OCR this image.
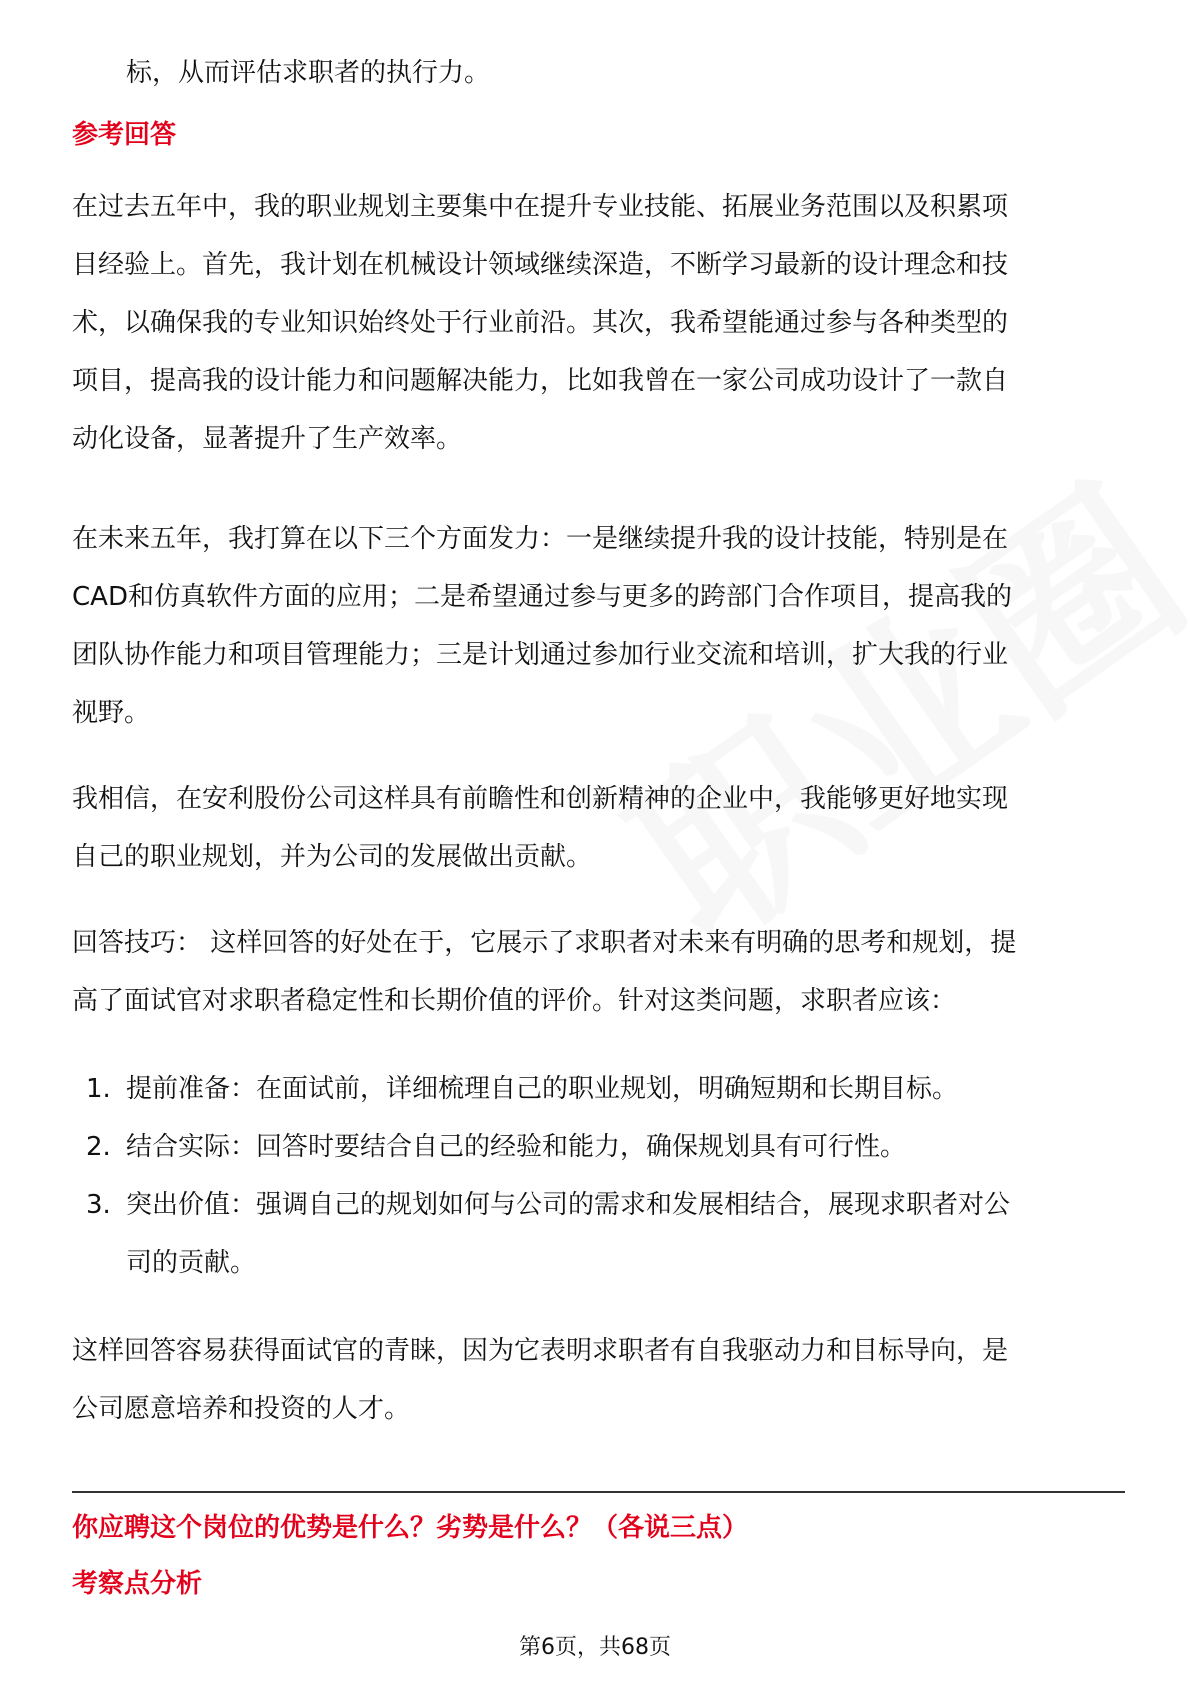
标，从而评估求职者的执行力。
参考回答
在过去五年中，我的职业规划主要集中在提升专业技能、拓展业务范围以及积累项
目经验上。首先，我计划在机械设计领域继续深造，不断学习最新的设计理念和技
术，以确保我的专业知识始终处于行业前沿。其次，我希望能通过参与各种类型的
项目，提高我的设计能力和问题解决能力，比如我曾在一家公司成功设计了一款自
动化设备，显著提升了生产效率。
在未来五年，我打算在以下三个方面发力：一是继续提升我的设计技能，特别是在
CAD和仿真软件方面的应用；二是希望通过参与更多的跨部门合作项目，提高我的
团队协作能力和项目管理能力；三是计划通过参加行业交流和培训，扩大我的行业
视野。
我相信，在安利股份公司这样具有前瞻性和创新精神的企业中，我能够更好地实现
自己的职业规划，并为公司的发展做出贡献。
回答技巧： 这样回答的好处在于，它展示了求职者对未来有明确的思考和规划，提
高了面试官对求职者稳定性和长期价值的评价。针对这类问题，求职者应该：
1. 提前准备：在面试前，详细梳理自己的职业规划，明确短期和长期目标。
2. 结合实际：回答时要结合自己的经验和能力，确保规划具有可行性。
3. 突出价值：强调自己的规划如何与公司的需求和发展相结合，展现求职者对公
司的贡献。
这样回答容易获得面试官的青睐，因为它表明求职者有自我驱动力和目标导向，是
公司愿意培养和投资的人才。
你应聘这个岗位的优势是什么？劣势是什么？（各说三点）
考察点分析
第6页，共68页
